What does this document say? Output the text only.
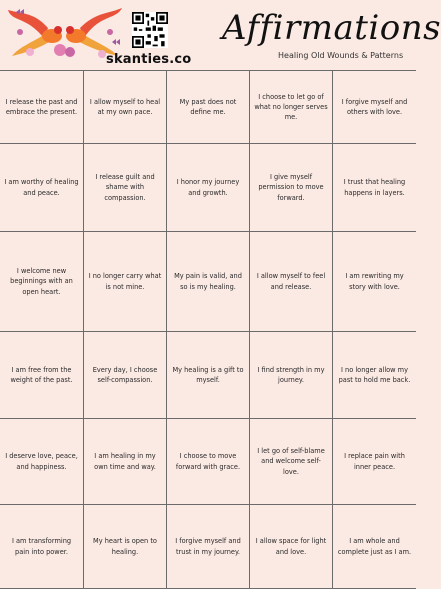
skanties.co
Affirmations
Healing Old Wounds & Patterns
I release the past and embrace the present.
I allow myself to heal at my own pace.
My past does not define me.
I choose to let go of what no longer serves me.
I forgive myself and others with love.
I am worthy of healing and peace.
I release guilt and shame with compassion.
I honor my journey and growth.
I give myself permission to move forward.
I trust that healing happens in layers.
I welcome new beginnings with an open heart.
I no longer carry what is not mine.
My pain is valid, and so is my healing.
I allow myself to feel and release.
I am rewriting my story with love.
I am free from the weight of the past.
Every day, I choose self-compassion.
My healing is a gift to myself.
I find strength in my journey.
I no longer allow my past to hold me back.
I deserve love, peace, and happiness.
I am healing in my own time and way.
I choose to move forward with grace.
I let go of self-blame and welcome self-love.
I replace pain with inner peace.
I am transforming pain into power.
My heart is open to healing.
I forgive myself and trust in my journey.
I allow space for light and love.
I am whole and complete just as I am.
